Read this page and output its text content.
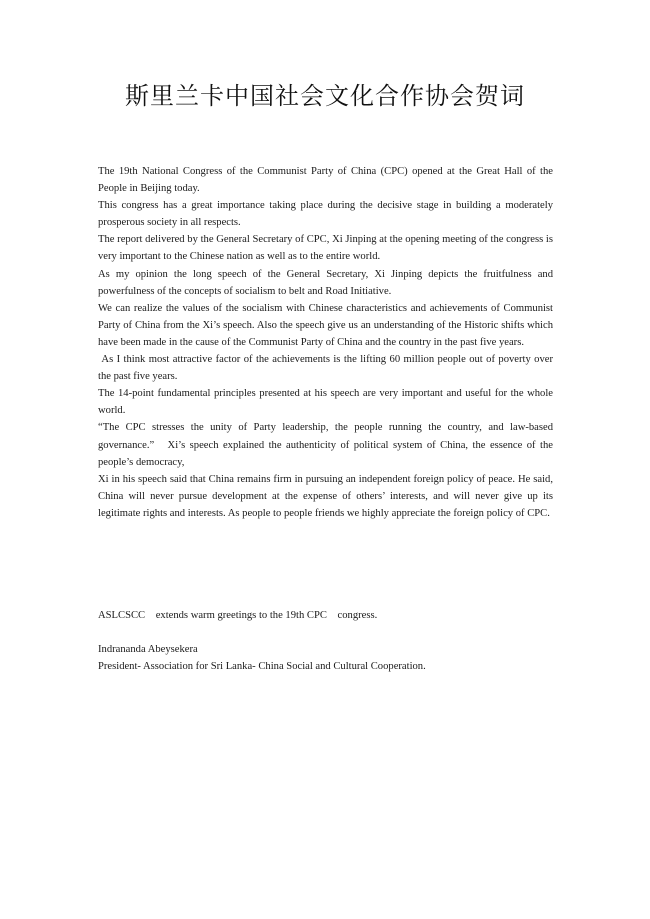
斯里兰卡中国社会文化合作协会贺词

The 19th National Congress of the Communist Party of China (CPC) opened at the Great Hall of the People in Beijing today.

This congress has a great importance taking place during the decisive stage in building a moderately prosperous society in all respects.

The report delivered by the General Secretary of CPC, Xi Jinping at the opening meeting of the congress is very important to the Chinese nation as well as to the entire world.

As my opinion the long speech of the General Secretary, Xi Jinping depicts the fruitfulness and powerfulness of the concepts of socialism to belt and Road Initiative.

We can realize the values of the socialism with Chinese characteristics and achievements of Communist Party of China from the Xi’s speech. Also the speech give us an understanding of the Historic shifts which have been made in the cause of the Communist Party of China and the country in the past five years.

As I think most attractive factor of the achievements is the lifting 60 million people out of poverty over the past five years.

The 14-point fundamental principles presented at his speech are very important and useful for the whole world.

“The CPC stresses the unity of Party leadership, the people running the country, and law-based governance.”   Xi’s speech explained the authenticity of political system of China, the essence of the people’s democracy,

Xi in his speech said that China remains firm in pursuing an independent foreign policy of peace. He said, China will never pursue development at the expense of others’ interests, and will never give up its legitimate rights and interests. As people to people friends we highly appreciate the foreign policy of CPC.

ASLCSCC    extends warm greetings to the 19th CPC    congress.

Indrananda Abeysekera

President- Association for Sri Lanka- China Social and Cultural Cooperation.
